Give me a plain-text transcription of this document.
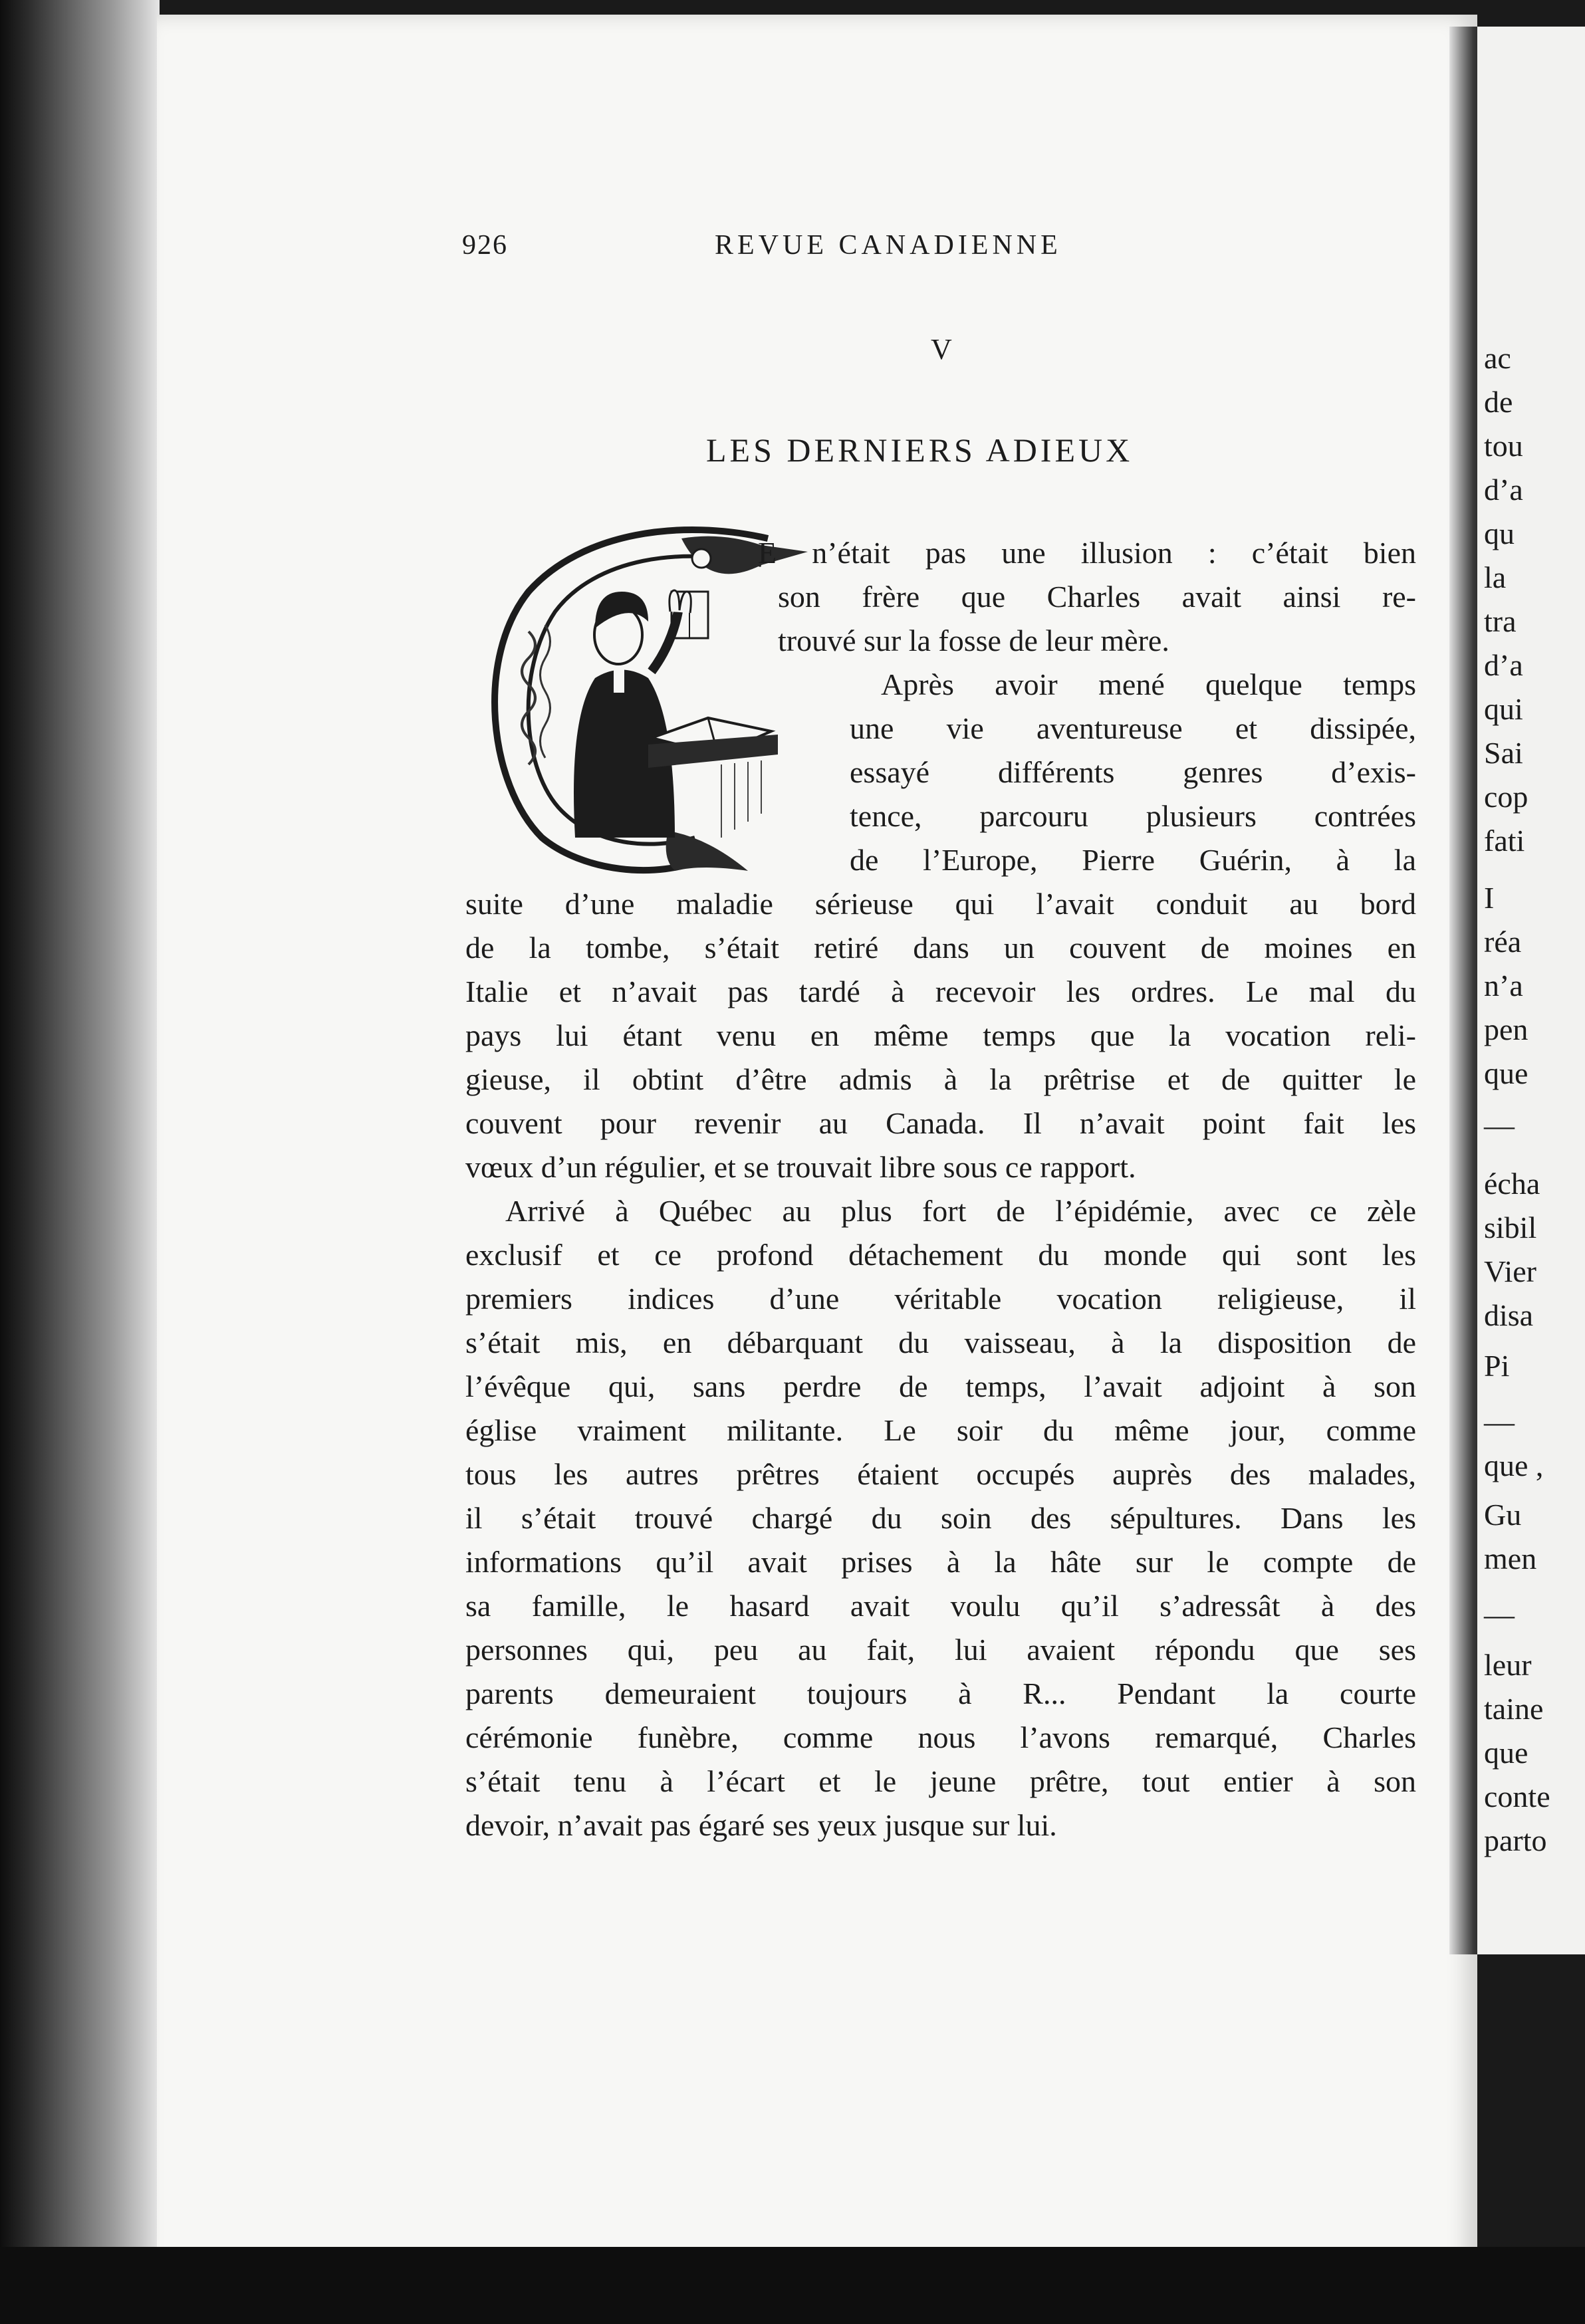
ac
de
tou
d’a
qu
la
tra
d’a
qui
Sai
cop
fati
I
réa
n’a
pen
que
—
écha
sibil
Vier
disa
Pi
—
que ,
Gu
men
—
leur
taine
que
conte
parto
926	REVUE CANADIENNE
V
LES DERNIERS ADIEUX
E n’était pas une illusion : c’était bien
son frère que Charles avait ainsi re-
trouvé sur la fosse de leur mère.
Après avoir mené quelque temps
une vie aventureuse et dissipée,
essayé différents genres d’exis-
tence, parcouru plusieurs contrées
de l’Europe, Pierre Guérin, à la
suite d’une maladie sérieuse qui l’avait conduit au bord
de la tombe, s’était retiré dans un couvent de moines en
Italie et n’avait pas tardé à recevoir les ordres. Le mal du
pays lui étant venu en même temps que la vocation reli-
gieuse, il obtint d’être admis à la prêtrise et de quitter le
couvent pour revenir au Canada. Il n’avait point fait les
vœux d’un régulier, et se trouvait libre sous ce rapport.
Arrivé à Québec au plus fort de l’épidémie, avec ce zèle
exclusif et ce profond détachement du monde qui sont les
premiers indices d’une véritable vocation religieuse, il
s’était mis, en débarquant du vaisseau, à la disposition de
l’évêque qui, sans perdre de temps, l’avait adjoint à son
église vraiment militante. Le soir du même jour, comme
tous les autres prêtres étaient occupés auprès des malades,
il s’était trouvé chargé du soin des sépultures. Dans les
informations qu’il avait prises à la hâte sur le compte de
sa famille, le hasard avait voulu qu’il s’adressât à des
personnes qui, peu au fait, lui avaient répondu que ses
parents demeuraient toujours à R... Pendant la courte
cérémonie funèbre, comme nous l’avons remarqué, Charles
s’était tenu à l’écart et le jeune prêtre, tout entier à son
devoir, n’avait pas égaré ses yeux jusque sur lui.
